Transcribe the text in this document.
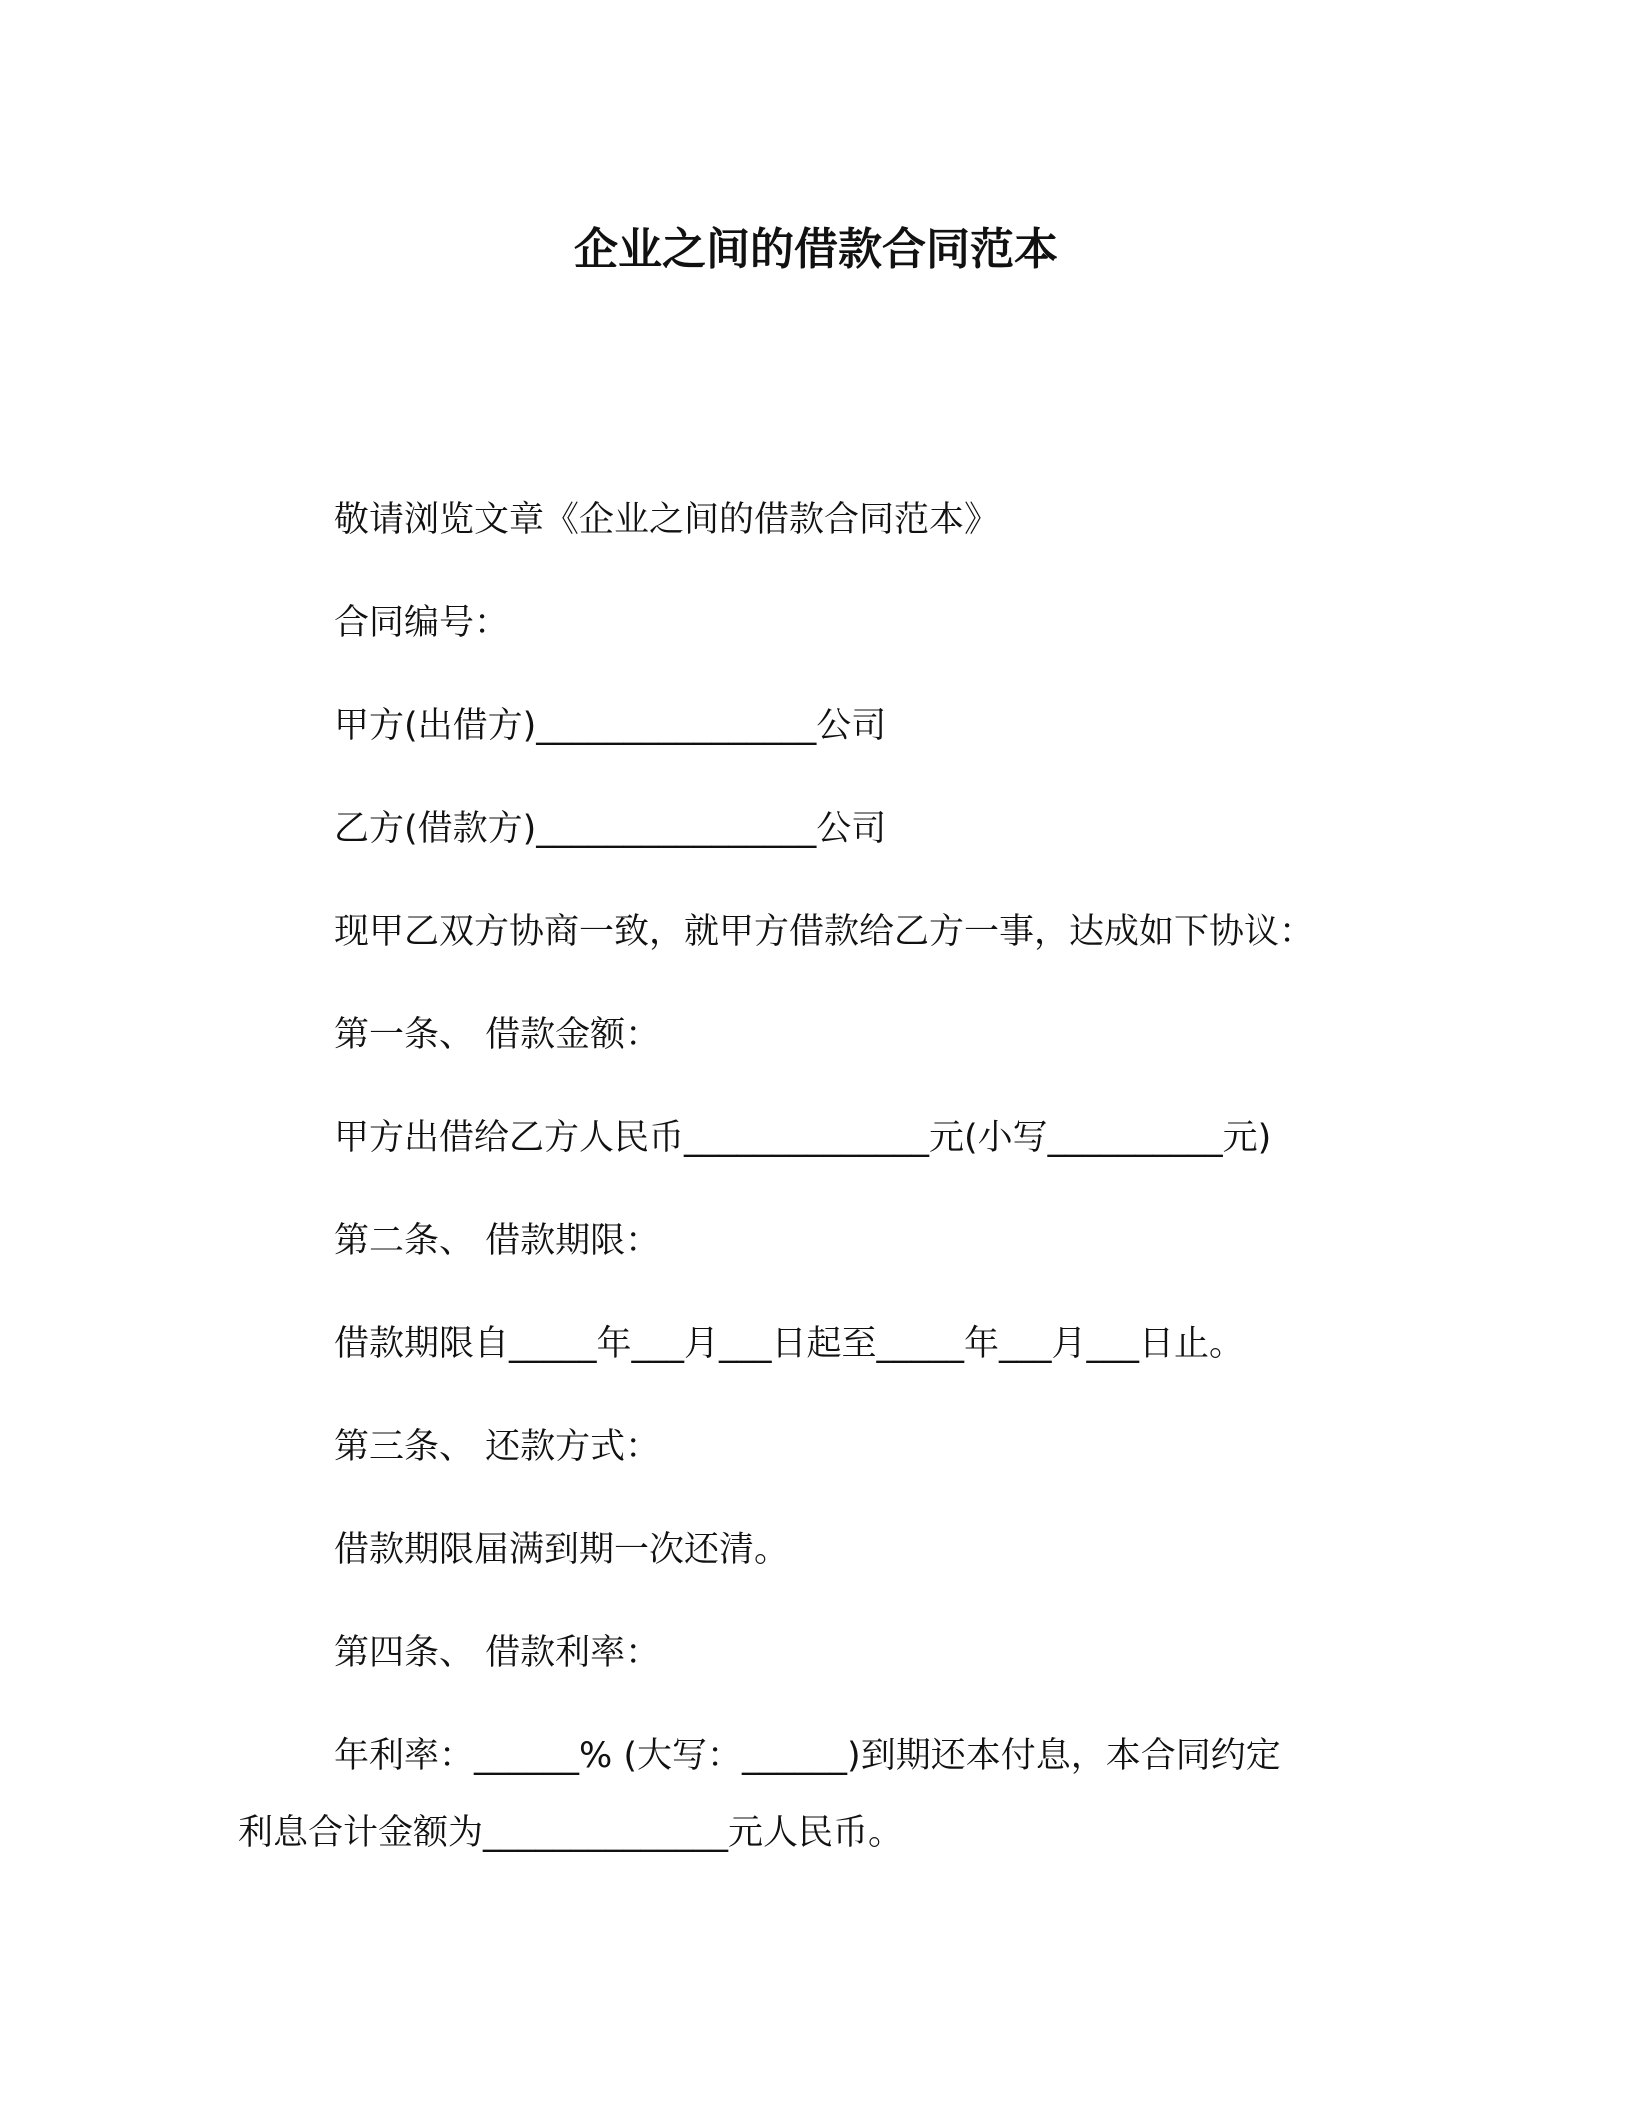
企业之间的借款合同范本
敬请浏览文章《企业之间的借款合同范本》
合同编号：
甲方(出借方)________________公司
乙方(借款方)________________公司
现甲乙双方协商一致，就甲方借款给乙方一事，达成如下协议：
第一条、 借款金额：
甲方出借给乙方人民币______________元(小写__________元)
第二条、 借款期限：
借款期限自_____年___月___日起至_____年___月___日止。
第三条、 还款方式：
借款期限届满到期一次还清。
第四条、 借款利率：
年利率：______% (大写：______)到期还本付息，本合同约定
利息合计金额为______________元人民币。
